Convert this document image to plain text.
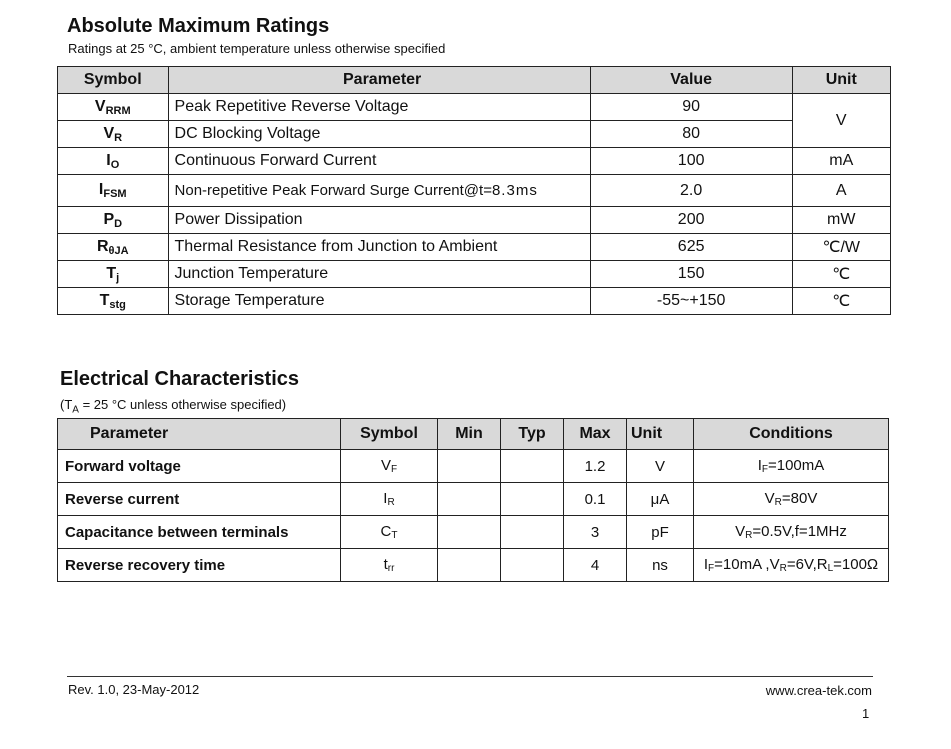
Absolute Maximum Ratings
Ratings at 25 °C, ambient temperature unless otherwise specified
Symbol	Parameter	Value	Unit
$V_{RRM}$	Peak Repetitive Reverse Voltage	90	V
$V_R$	DC Blocking Voltage	80	
$I_O$	Continuous Forward Current	100	mA
$I_{FSM}$	Non-repetitive Peak Forward Surge Current@t=8.3ms	2.0	A
$P_D$	Power Dissipation	200	mW
$R_{\theta JA}$	Thermal Resistance from Junction to Ambient	625	℃/W
$T_j$	Junction Temperature	150	℃
$T_{stg}$	Storage Temperature	-55~+150	℃
Electrical Characteristics
($T_A = 25$ °C unless otherwise specified)
Parameter	Symbol	Min	Typ	Max	Unit	Conditions
Forward voltage	$V_F$			1.2	V	$I_F=100mA$
Reverse current	$I_R$			0.1	μA	$V_R=80V$
Capacitance between terminals	$C_T$			3	pF	$V_R=0.5V,f=1MHz$
Reverse recovery time	$t_{rr}$			4	ns	$I_F=10mA$ $,V_R=6V,R_L=100\Omega$
Rev. 1.0, 23-May-2012	www.crea-tek.com
1
